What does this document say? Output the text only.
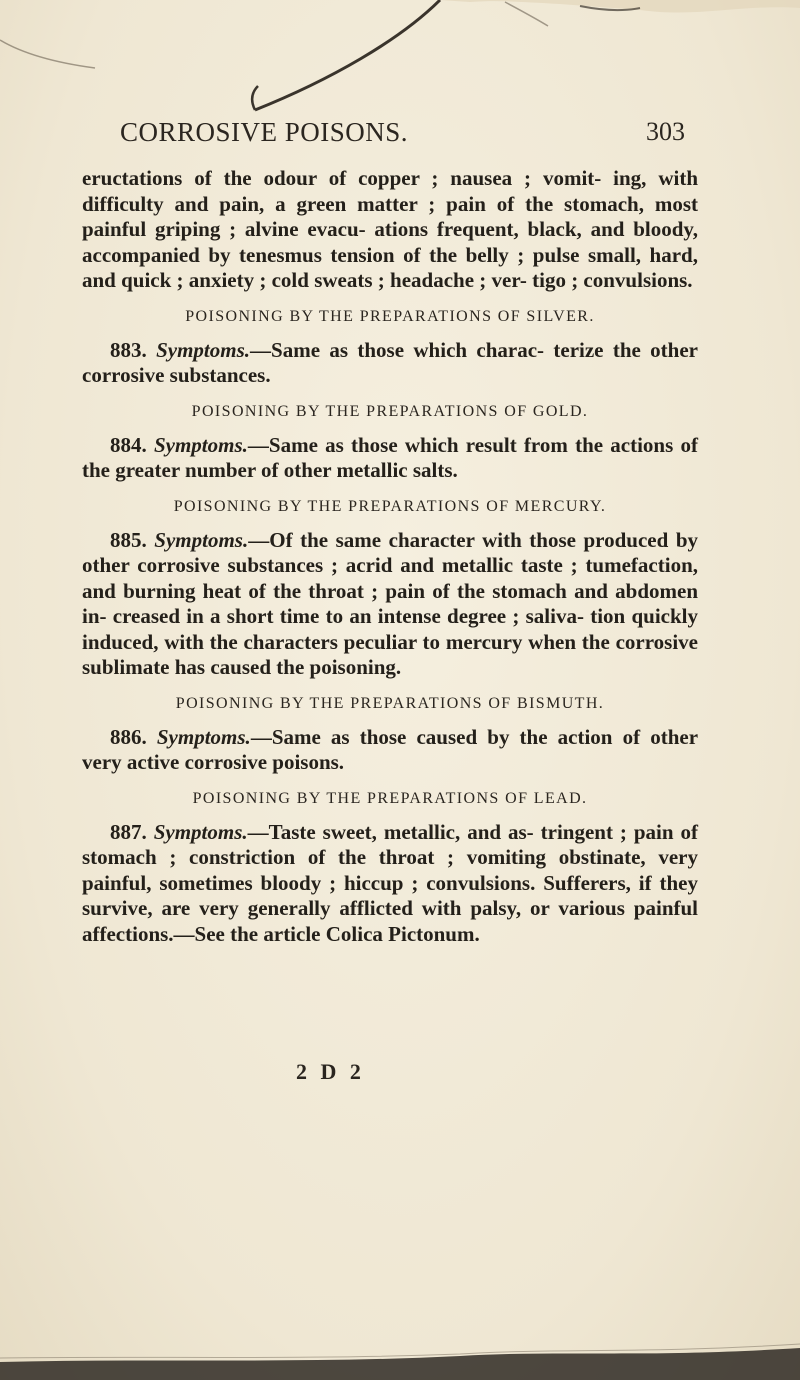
CORROSIVE POISONS.	303

eructations of the odour of copper ; nausea ; vomit- ing, with difficulty and pain, a green matter ; pain of the stomach, most painful griping ; alvine evacu- ations frequent, black, and bloody, accompanied by tenesmus tension of the belly ; pulse small, hard, and quick ; anxiety ; cold sweats ; headache ; ver- tigo ; convulsions.

POISONING BY THE PREPARATIONS OF SILVER.

883. Symptoms.—Same as those which charac- terize the other corrosive substances.

POISONING BY THE PREPARATIONS OF GOLD.

884. Symptoms.—Same as those which result from the actions of the greater number of other metallic salts.

POISONING BY THE PREPARATIONS OF MERCURY.

885. Symptoms.—Of the same character with those produced by other corrosive substances ; acrid and metallic taste ; tumefaction, and burning heat of the throat ; pain of the stomach and abdomen in- creased in a short time to an intense degree ; saliva- tion quickly induced, with the characters peculiar to mercury when the corrosive sublimate has caused the poisoning.

POISONING BY THE PREPARATIONS OF BISMUTH.

886. Symptoms.—Same as those caused by the action of other very active corrosive poisons.

POISONING BY THE PREPARATIONS OF LEAD.

887. Symptoms.—Taste sweet, metallic, and as- tringent ; pain of stomach ; constriction of the throat ; vomiting obstinate, very painful, sometimes bloody ; hiccup ; convulsions. Sufferers, if they survive, are very generally afflicted with palsy, or various painful affections.—See the article Colica Pictonum.

2 D 2
